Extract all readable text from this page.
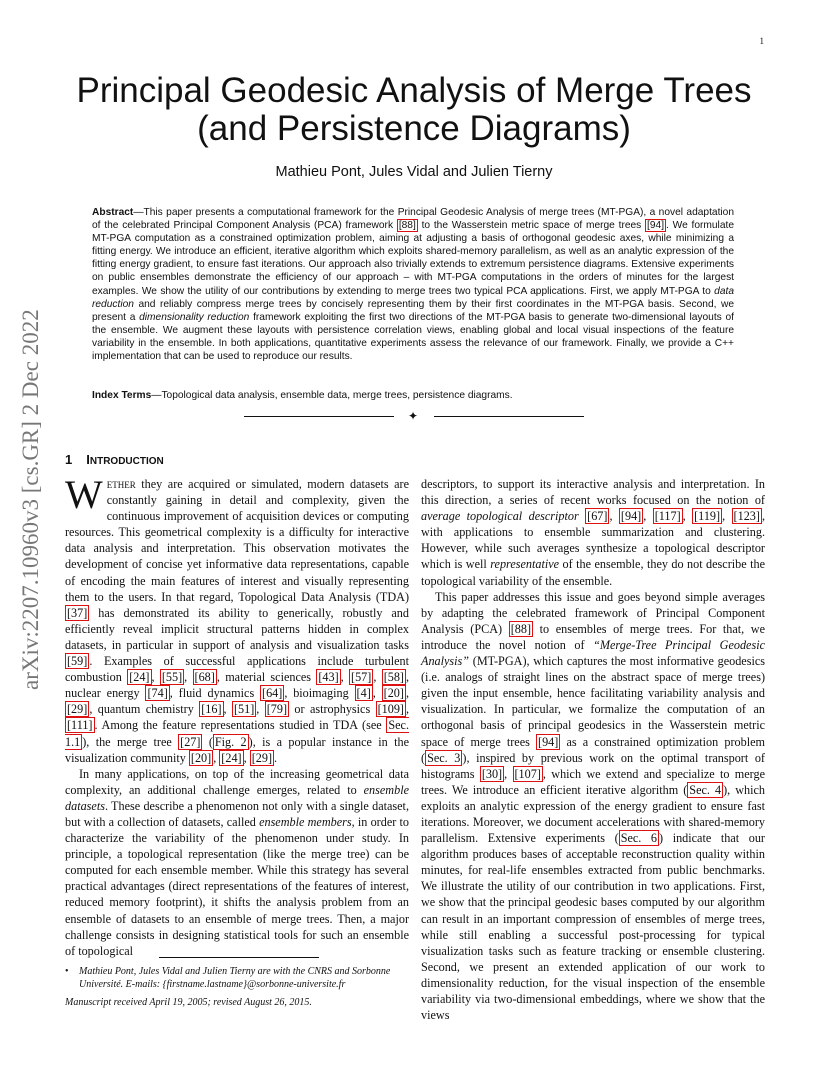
1
Principal Geodesic Analysis of Merge Trees
(and Persistence Diagrams)
Mathieu Pont, Jules Vidal and Julien Tierny

Abstract—This paper presents a computational framework for the Principal Geodesic Analysis of merge trees (MT-PGA), a novel adaptation of the celebrated Principal Component Analysis (PCA) framework [88] to the Wasserstein metric space of merge trees [94] . We formulate MT-PGA computation as a constrained optimization problem, aiming at adjusting a basis of orthogonal geodesic axes, while minimizing a fitting energy. We introduce an efficient, iterative algorithm which exploits shared-memory parallelism, as well as an analytic expression of the fitting energy gradient, to ensure fast iterations. Our approach also trivially extends to extremum persistence diagrams. Extensive experiments on public ensembles demonstrate the efficiency of our approach – with MT-PGA computations in the orders of minutes for the largest examples. We show the utility of our contributions by extending to merge trees two typical PCA applications. First, we apply MT-PGA to data reduction and reliably compress merge trees by concisely representing them by their first coordinates in the MT-PGA basis. Second, we present a dimensionality reduction framework exploiting the first two directions of the MT-PGA basis to generate two-dimensional layouts of the ensemble. We augment these layouts with persistence correlation views, enabling global and local visual inspections of the feature variability in the ensemble. In both applications, quantitative experiments assess the relevance of our framework. Finally, we provide a C++ implementation that can be used to reproduce our results.

Index Terms—Topological data analysis, ensemble data, merge trees, persistence diagrams.

✦
arXiv:2207.10960v3 [cs.GR] 2 Dec 2022 1 INTRODUCTION

Wether they are acquired or simulated, modern datasets are constantly gaining in detail and complexity, given the continuous improvement of acquisition devices or computing resources. This geometrical complexity is a difficulty for interactive data analysis and interpretation. This observation motivates the development of concise yet informative data representations, capable of encoding the main features of interest and visually representing them to the users. In that regard, Topological Data Analysis (TDA) [37] has demonstrated its ability to generically, robustly and efficiently reveal implicit structural patterns hidden in complex datasets, in particular in support of analysis and visualization tasks [59] . Examples of successful applications include turbulent combustion [24] , [55] , [68] , material sciences [43] , [57] , [58] , nuclear energy [74] , fluid dynamics [64] , bioimaging [4] , [20] , [29] , quantum chemistry [16] , [51] , [79] or astrophysics [109] , [111] . Among the feature representations studied in TDA (see Sec. 1.1 ), the merge tree [27] ( Fig. 2 ), is a popular instance in the visualization community [20] , [24] , [29] .

In many applications, on top of the increasing geometrical data complexity, an additional challenge emerges, related to ensemble datasets. These describe a phenomenon not only with a single dataset, but with a collection of datasets, called ensemble members, in order to characterize the variability of the phenomenon under study. In principle, a topological representation (like the merge tree) can be computed for each ensemble member. While this strategy has several practical advantages (direct representations of the features of interest, reduced memory footprint), it shifts the analysis problem from an ensemble of datasets to an ensemble of merge trees. Then, a major challenge consists in designing statistical tools for such an ensemble of topological

descriptors, to support its interactive analysis and interpretation. In this direction, a series of recent works focused on the notion of average topological descriptor [67] , [94] , [117] , [119] , [123] , with applications to ensemble summarization and clustering. However, while such averages synthesize a topological descriptor which is well representative of the ensemble, they do not describe the topological variability of the ensemble.

This paper addresses this issue and goes beyond simple averages by adapting the celebrated framework of Principal Component Analysis (PCA) [88] to ensembles of merge trees. For that, we introduce the novel notion of “Merge-Tree Principal Geodesic Analysis” (MT-PGA), which captures the most informative geodesics (i.e. analogs of straight lines on the abstract space of merge trees) given the input ensemble, hence facilitating variability analysis and visualization. In particular, we formalize the computation of an orthogonal basis of principal geodesics in the Wasserstein metric space of merge trees [94] as a constrained optimization problem ( Sec. 3 ), inspired by previous work on the optimal transport of histograms [30] , [107] , which we extend and specialize to merge trees. We introduce an efficient iterative algorithm ( Sec. 4 ), which exploits an analytic expression of the energy gradient to ensure fast iterations. Moreover, we document accelerations with shared-memory parallelism. Extensive experiments ( Sec. 6 ) indicate that our algorithm produces bases of acceptable reconstruction quality within minutes, for real-life ensembles extracted from public benchmarks. We illustrate the utility of our contribution in two applications. First, we show that the principal geodesic bases computed by our algorithm can result in an important compression of ensembles of merge trees, while still enabling a successful post-processing for typical visualization tasks such as feature tracking or ensemble clustering. Second, we present an extended application of our work to dimensionality reduction, for the visual inspection of the ensemble variability via two-dimensional embeddings, where we show that the views

•	Mathieu Pont, Jules Vidal and Julien Tierny are with the CNRS and Sorbonne Université. E-mails: {firstname.lastname}@sorbonne-universite.fr

Manuscript received April 19, 2005; revised August 26, 2015.
